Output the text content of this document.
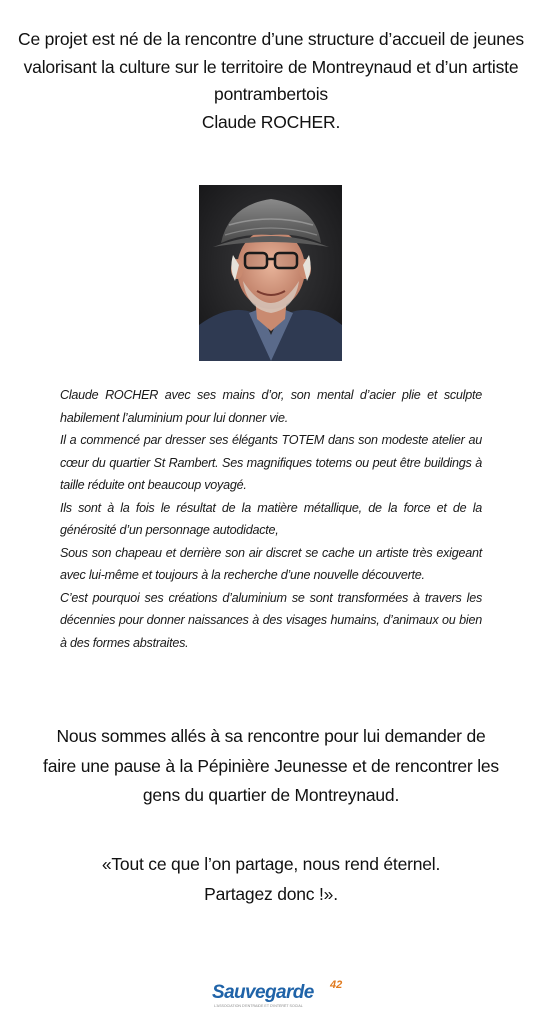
Ce projet est né de la rencontre d’une structure d’accueil de jeunes valorisant la culture sur le territoire de Montreynaud et d’un artiste pontrambertois

Claude ROCHER.

Claude ROCHER avec ses mains d’or, son mental d’acier plie et sculpte habilement l’aluminium pour lui donner vie.

Il a commencé par dresser ses élégants TOTEM dans son modeste atelier au cœur du quartier St Rambert. Ses magnifiques totems ou peut être buildings à taille réduite ont beaucoup voyagé.

Ils sont à la fois le résultat de la matière métallique, de la force et de la générosité d’un personnage autodidacte,

Sous son chapeau et derrière son air discret se cache un artiste très exigeant avec lui-même et toujours à la recherche d’une nouvelle découverte.

C’est pourquoi ses créations d’aluminium se sont transformées à travers les décennies pour donner naissances à des visages humains, d’animaux ou bien à des formes abstraites.

Nous sommes allés à sa rencontre pour lui demander de faire une pause à la Pépinière Jeunesse et de rencontrer les gens du quartier de Montreynaud.

«Tout ce que l’on partage, nous rend éternel.

Partagez donc !».

Sauvegarde 42
L'ASSOCIATION D'ENTRAIDE ET D'INTÉRÊT SOCIAL
